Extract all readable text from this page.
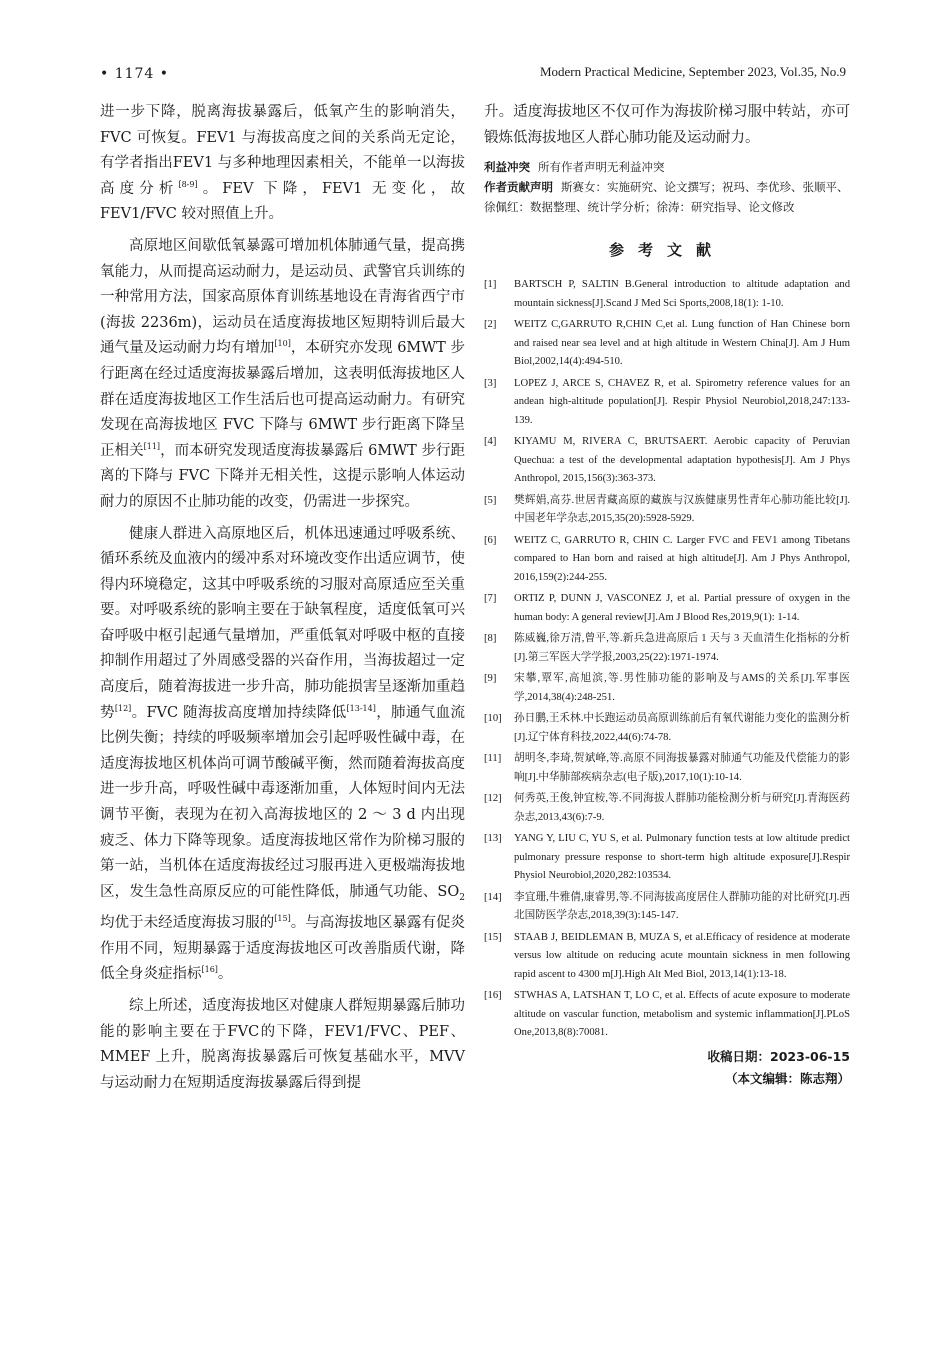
• 1174 •	Modern Practical Medicine, September 2023, Vol.35, No.9

进一步下降，脱离海拔暴露后，低氧产生的影响消失，FVC 可恢复。FEV1 与海拔高度之间的关系尚无定论，有学者指出FEV1 与多种地理因素相关，不能单一以海拔高度分析[8-9]。FEV 下降，FEV1 无变化，故 FEV1/FVC 较对照值上升。

高原地区间歇低氧暴露可增加机体肺通气量，提高携氧能力，从而提高运动耐力，是运动员、武警官兵训练的一种常用方法，国家高原体育训练基地设在青海省西宁市(海拔 2236m)，运动员在适度海拔地区短期特训后最大通气量及运动耐力均有增加[10]，本研究亦发现 6MWT 步行距离在经过适度海拔暴露后增加，这表明低海拔地区人群在适度海拔地区工作生活后也可提高运动耐力。有研究发现在高海拔地区 FVC 下降与 6MWT 步行距离下降呈正相关[11]，而本研究发现适度海拔暴露后 6MWT 步行距离的下降与 FVC 下降并无相关性，这提示影响人体运动耐力的原因不止肺功能的改变，仍需进一步探究。

健康人群进入高原地区后，机体迅速通过呼吸系统、循环系统及血液内的缓冲系对环境改变作出适应调节，使得内环境稳定，这其中呼吸系统的习服对高原适应至关重要。对呼吸系统的影响主要在于缺氧程度，适度低氧可兴奋呼吸中枢引起通气量增加，严重低氧对呼吸中枢的直接抑制作用超过了外周感受器的兴奋作用，当海拔超过一定高度后，随着海拔进一步升高，肺功能损害呈逐渐加重趋势[12]。FVC 随海拔高度增加持续降低[13-14]，肺通气血流比例失衡；持续的呼吸频率增加会引起呼吸性碱中毒，在适度海拔地区机体尚可调节酸碱平衡，然而随着海拔高度进一步升高，呼吸性碱中毒逐渐加重，人体短时间内无法调节平衡，表现为在初入高海拔地区的 2 ～ 3 d 内出现疲乏、体力下降等现象。适度海拔地区常作为阶梯习服的第一站，当机体在适度海拔经过习服再进入更极端海拔地区，发生急性高原反应的可能性降低，肺通气功能、$SO_2$ 均优于未经适度海拔习服的[15]。与高海拔地区暴露有促炎作用不同，短期暴露于适度海拔地区可改善脂质代谢，降低全身炎症指标[16]。

综上所述，适度海拔地区对健康人群短期暴露后肺功能的影响主要在于FVC的下降，FEV1/FVC、PEF、MMEF 上升，脱离海拔暴露后可恢复基础水平，MVV 与运动耐力在短期适度海拔暴露后得到提

升。适度海拔地区不仅可作为海拔阶梯习服中转站，亦可锻炼低海拔地区人群心肺功能及运动耐力。

利益冲突 所有作者声明无利益冲突

作者贡献声明 斯赛女：实施研究、论文撰写；祝玛、李优珍、张顺平、徐佩红：数据整理、统计学分析；徐涛：研究指导、论文修改

参考文献
[1]	BARTSCH P, SALTIN B.General introduction to altitude adaptation and mountain sickness[J].Scand J Med Sci Sports,2008,18(1): 1-10.
[2]	WEITZ C,GARRUTO R,CHIN C,et al. Lung function of Han Chinese born and raised near sea level and at high altitude in Western China[J]. Am J Hum Biol,2002,14(4):494-510.
[3]	LOPEZ J, ARCE S, CHAVEZ R, et al. Spirometry reference values for an andean high-altitude population[J]. Respir Physiol Neurobiol,2018,247:133-139.
[4]	KIYAMU M, RIVERA C, BRUTSAERT. Aerobic capacity of Peruvian Quechua: a test of the developmental adaptation hypothesis[J]. Am J Phys Anthropol, 2015,156(3):363-373.
[5]	樊辉娟,高芬.世居青藏高原的藏族与汉族健康男性青年心肺功能比较[J].中国老年学杂志,2015,35(20):5928-5929.
[6]	WEITZ C, GARRUTO R, CHIN C. Larger FVC and FEV1 among Tibetans compared to Han born and raised at high altitude[J]. Am J Phys Anthropol, 2016,159(2):244-255.
[7]	ORTIZ P, DUNN J, VASCONEZ J, et al. Partial pressure of oxygen in the human body: A general review[J].Am J Blood Res,2019,9(1): 1-14.
[8]	陈威巍,徐万清,曾平,等.新兵急进高原后 1 天与 3 天血清生化指标的分析[J].第三军医大学学报,2003,25(22):1971-1974.
[9]	宋攀,覃军,高旭滨,等.男性肺功能的影响及与AMS的关系[J].军事医学,2014,38(4):248-251.
[10]	孙日鹏,王禾林.中长跑运动员高原训练前后有氧代谢能力变化的监测分析[J].辽宁体育科技,2022,44(6):74-78.
[11]	胡明冬,李琦,贺斌峰,等.高原不同海拔暴露对肺通气功能及代偿能力的影响[J].中华肺部疾病杂志(电子版),2017,10(1):10-14.
[12]	何秀英,王俊,钟宜桉,等.不同海拔人群肺功能检测分析与研究[J].青海医药杂志,2013,43(6):7-9.
[13]	YANG Y, LIU C, YU S, et al. Pulmonary function tests at low altitude predict pulmonary pressure response to short-term high altitude exposure[J].Respir Physiol Neurobiol,2020,282:103534.
[14]	李宜珊,牛雅倩,康睿男,等.不同海拔高度居住人群肺功能的对比研究[J].西北国防医学杂志,2018,39(3):145-147.
[15]	STAAB J, BEIDLEMAN B, MUZA S, et al.Efficacy of residence at moderate versus low altitude on reducing acute mountain sickness in men following rapid ascent to 4300 m[J].High Alt Med Biol, 2013,14(1):13-18.
[16]	STWHAS A, LATSHAN T, LO C, et al. Effects of acute exposure to moderate altitude on vascular function, metabolism and systemic inflammation[J].PLoS One,2013,8(8):70081.
收稿日期：2023-06-15
（本文编辑：陈志翔）
